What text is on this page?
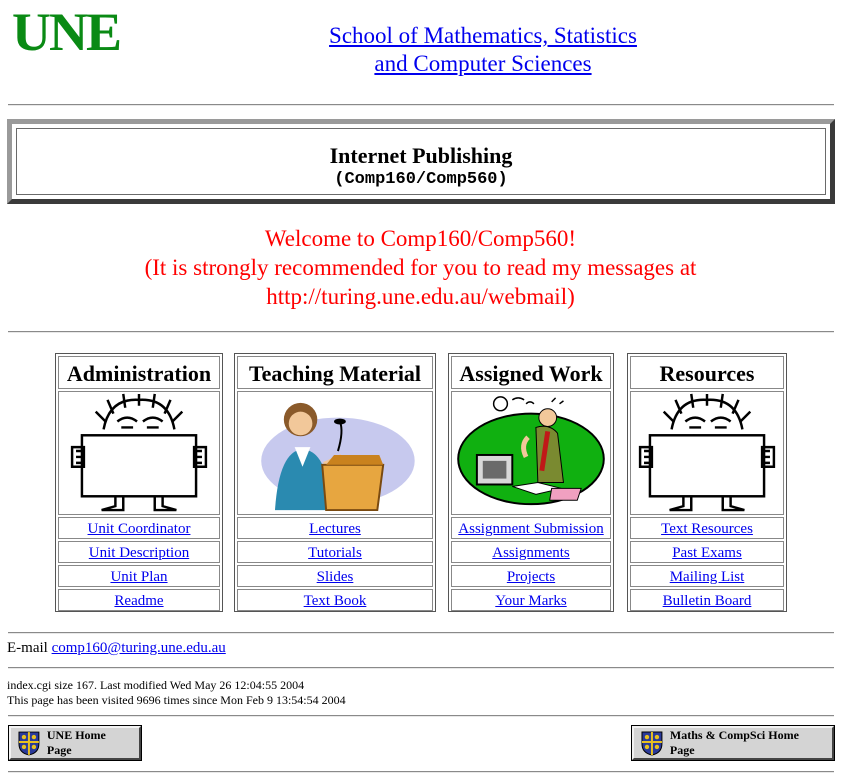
UNE	School of Mathematics, Statistics
and Computer Sciences
Internet Publishing
(Comp160/Comp560)
Welcome to Comp160/Comp560!
(It is strongly recommended for you to read my messages at
http://turing.une.edu.au/webmail)
Administration
Unit Coordinator
Unit Description
Unit Plan
Readme
Teaching Material
Lectures
Tutorials
Slides
Text Book
Assigned Work
Assignment Submission
Assignments
Projects
Your Marks
Resources
Text Resources
Past Exams
Mailing List
Bulletin Board
E-mail comp160@turing.une.edu.au
index.cgi size 167. Last modified Wed May 26 12:04:55 2004
This page has been visited 9696 times since Mon Feb 9 13:54:54 2004
UNE Home Page
Maths & CompSci Home Page
